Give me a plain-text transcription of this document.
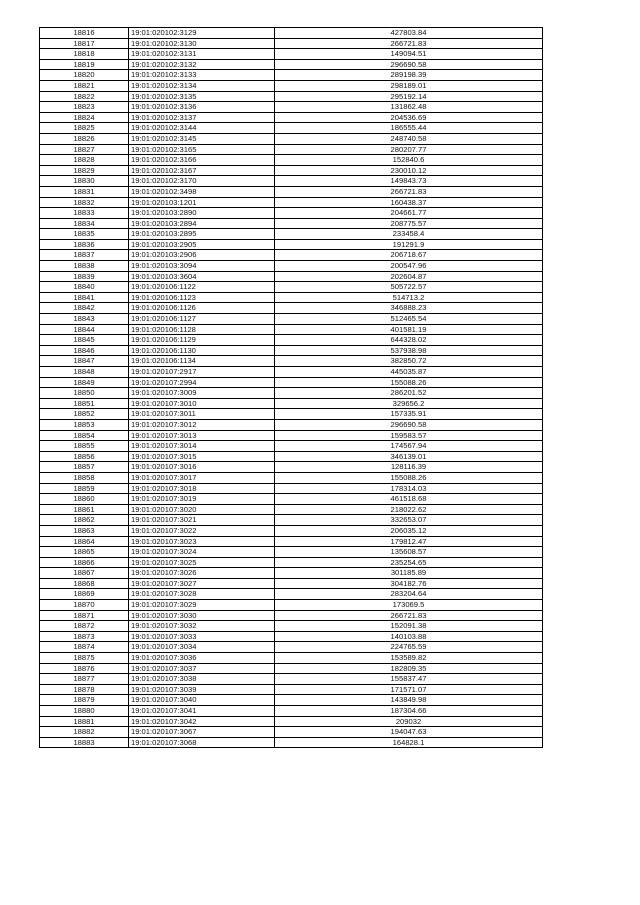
18816	19:01:020102:3129	427803.84
18817	19:01:020102:3130	266721.83
18818	19:01:020102:3131	149094.51
18819	19:01:020102:3132	296690.58
18820	19:01:020102:3133	289198.39
18821	19:01:020102:3134	298189.01
18822	19:01:020102:3135	295192.14
18823	19:01:020102:3136	131862.48
18824	19:01:020102:3137	204536.69
18825	19:01:020102:3144	186555.44
18826	19:01:020102:3145	248740.58
18827	19:01:020102:3165	280207.77
18828	19:01:020102:3166	152840.6
18829	19:01:020102:3167	230010.12
18830	19:01:020102:3170	149843.73
18831	19:01:020102:3498	266721.83
18832	19:01:020103:1201	160438.37
18833	19:01:020103:2890	204661.77
18834	19:01:020103:2894	208775.57
18835	19:01:020103:2895	233458.4
18836	19:01:020103:2905	191291.9
18837	19:01:020103:2906	206718.67
18838	19:01:020103:3094	200547.96
18839	19:01:020103:3604	202604.87
18840	19:01:020106:1122	505722.57
18841	19:01:020106:1123	514713.2
18842	19:01:020106:1126	346888.23
18843	19:01:020106:1127	512465.54
18844	19:01:020106:1128	401581.19
18845	19:01:020106:1129	644328.02
18846	19:01:020106:1130	537938.98
18847	19:01:020106:1134	382850.72
18848	19:01:020107:2917	445035.87
18849	19:01:020107:2994	155088.26
18850	19:01:020107:3009	286201.52
18851	19:01:020107:3010	329656.2
18852	19:01:020107:3011	157335.91
18853	19:01:020107:3012	296690.58
18854	19:01:020107:3013	159583.57
18855	19:01:020107:3014	174567.94
18856	19:01:020107:3015	346139.01
18857	19:01:020107:3016	128116.39
18858	19:01:020107:3017	155088.26
18859	19:01:020107:3018	178314.03
18860	19:01:020107:3019	461518.68
18861	19:01:020107:3020	218022.62
18862	19:01:020107:3021	332653.07
18863	19:01:020107:3022	206035.12
18864	19:01:020107:3023	179812.47
18865	19:01:020107:3024	135608.57
18866	19:01:020107:3025	235254.65
18867	19:01:020107:3026	301185.89
18868	19:01:020107:3027	304182.76
18869	19:01:020107:3028	283204.64
18870	19:01:020107:3029	173069.5
18871	19:01:020107:3030	266721.83
18872	19:01:020107:3032	152091.38
18873	19:01:020107:3033	140103.88
18874	19:01:020107:3034	224765.59
18875	19:01:020107:3036	153589.82
18876	19:01:020107:3037	182809.35
18877	19:01:020107:3038	155837.47
18878	19:01:020107:3039	171571.07
18879	19:01:020107:3040	143849.98
18880	19:01:020107:3041	187304.66
18881	19:01:020107:3042	209032
18882	19:01:020107:3067	194047.63
18883	19:01:020107:3068	164828.1
